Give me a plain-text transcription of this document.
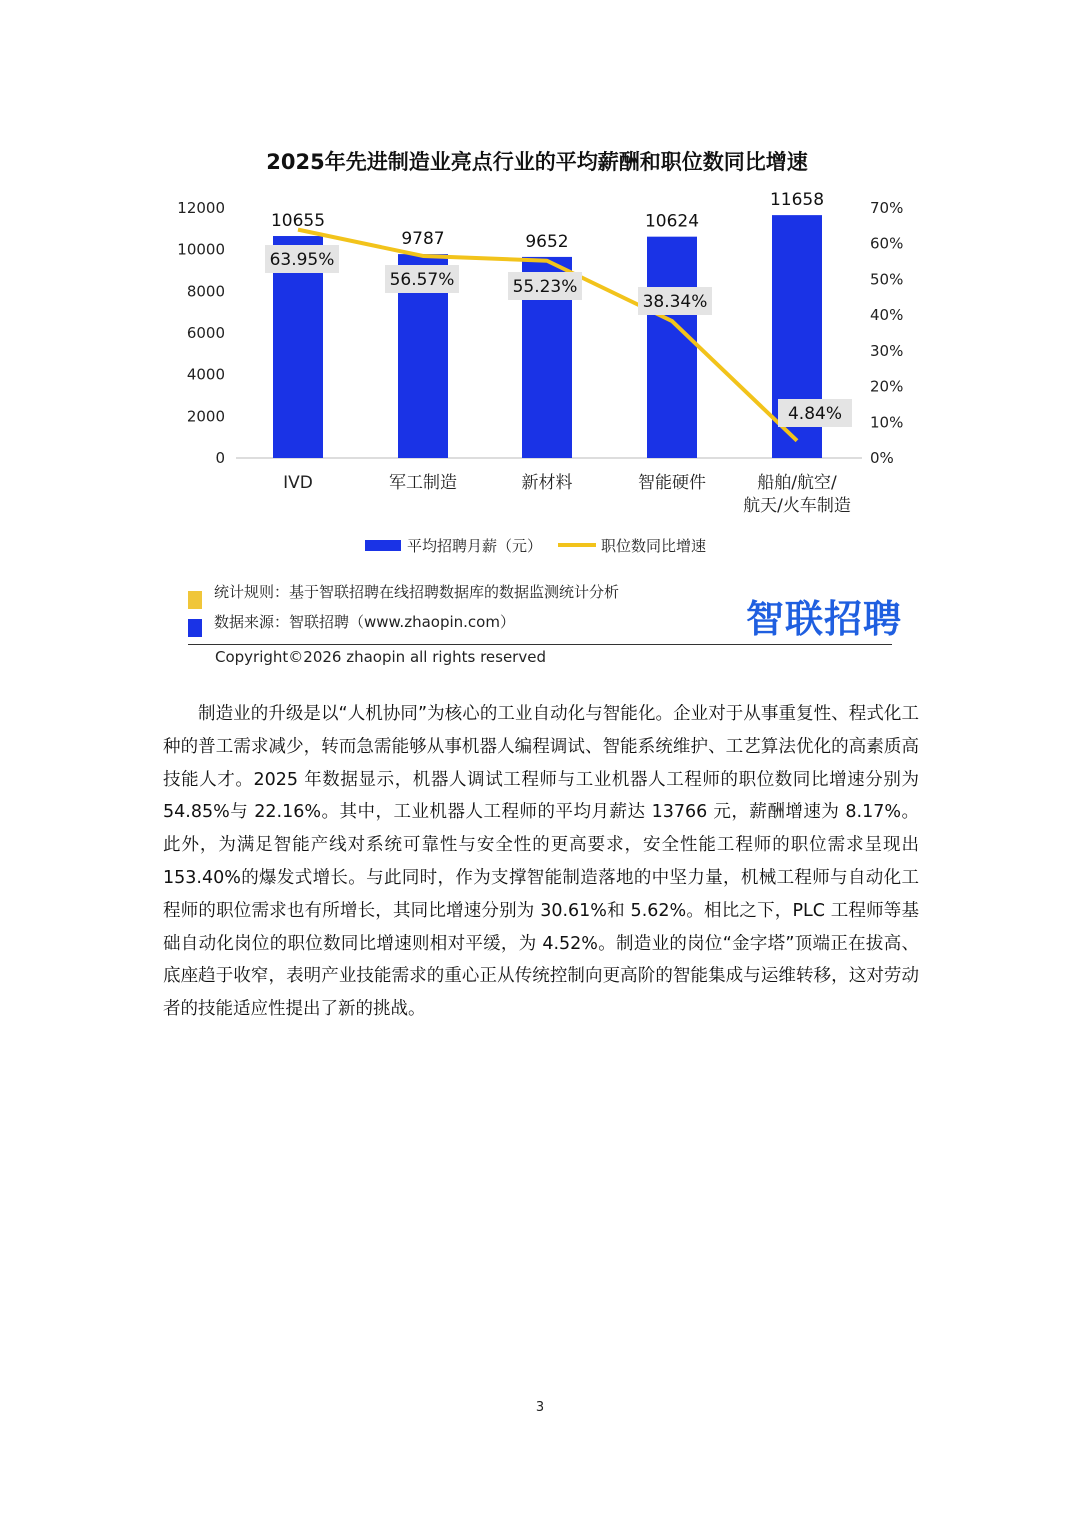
2025年先进制造业亮点行业的平均薪酬和职位数同比增速
0
2000
4000
6000
8000
10000
12000
0%
10%
20%
30%
40%
50%
60%
70%
10655
9787	9652
10624
11658
63.95%
56.57%	55.23%
38.34%
4.84%
IVD	军工制造	新材料	智能硬件	船舶/航空/航天/火车制造
平均招聘月薪（元）	职位数同比增速
统计规则：基于智联招聘在线招聘数据库的数据监测统计分析
数据来源：智联招聘（www.zhaopin.com）	智联招聘
Copyright©2026 zhaopin all rights reserved

制造业的升级是以“人机协同”为核心的工业自动化与智能化。企业对于从事重复性、程式化工种的普工需求减少，转而急需能够从事机器人编程调试、智能系统维护、工艺算法优化的高素质高技能人才。2025 年数据显示，机器人调试工程师与工业机器人工程师的职位数同比增速分别为 54.85%与 22.16%。其中，工业机器人工程师的平均月薪达 13766 元，薪酬增速为 8.17%。此外，为满足智能产线对系统可靠性与安全性的更高要求，安全性能工程师的职位需求呈现出 153.40%的爆发式增长。与此同时，作为支撑智能制造落地的中坚力量，机械工程师与自动化工程师的职位需求也有所增长，其同比增速分别为 30.61%和 5.62%。相比之下，PLC 工程师等基础自动化岗位的职位数同比增速则相对平缓，为 4.52%。制造业的岗位“金字塔”顶端正在拔高、底座趋于收窄，表明产业技能需求的重心正从传统控制向更高阶的智能集成与运维转移，这对劳动者的技能适应性提出了新的挑战。

3
